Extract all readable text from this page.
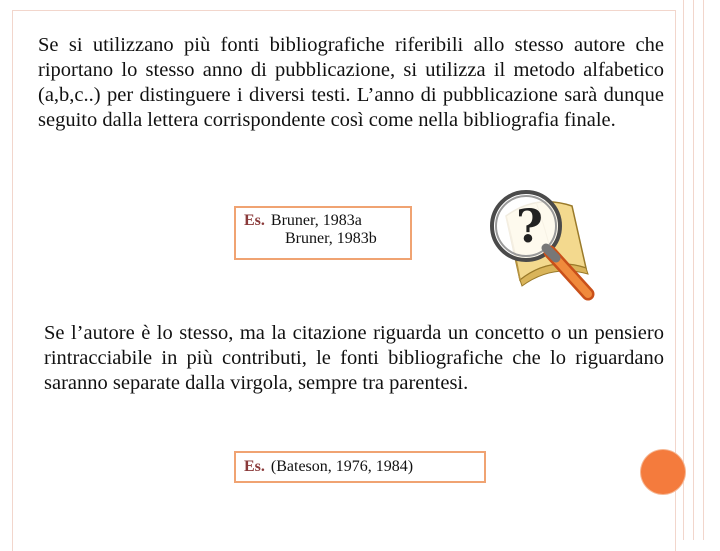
Se si utilizzano più fonti bibliografiche riferibili allo stesso autore che riportano lo stesso anno di pubblicazione, si utilizza il metodo alfabetico (a,b,c..) per distinguere i diversi testi. L’anno di pubblicazione sarà dunque seguito dalla lettera corrispondente così come nella bibliografia finale.

Es. Bruner, 1983a
Bruner, 1983b	?

Se l’autore è lo stesso, ma la citazione riguarda un concetto o un pensiero rintracciabile in più contributi, le fonti bibliografiche che lo riguardano saranno separate dalla virgola, sempre tra parentesi.

Es. (Bateson, 1976, 1984)
